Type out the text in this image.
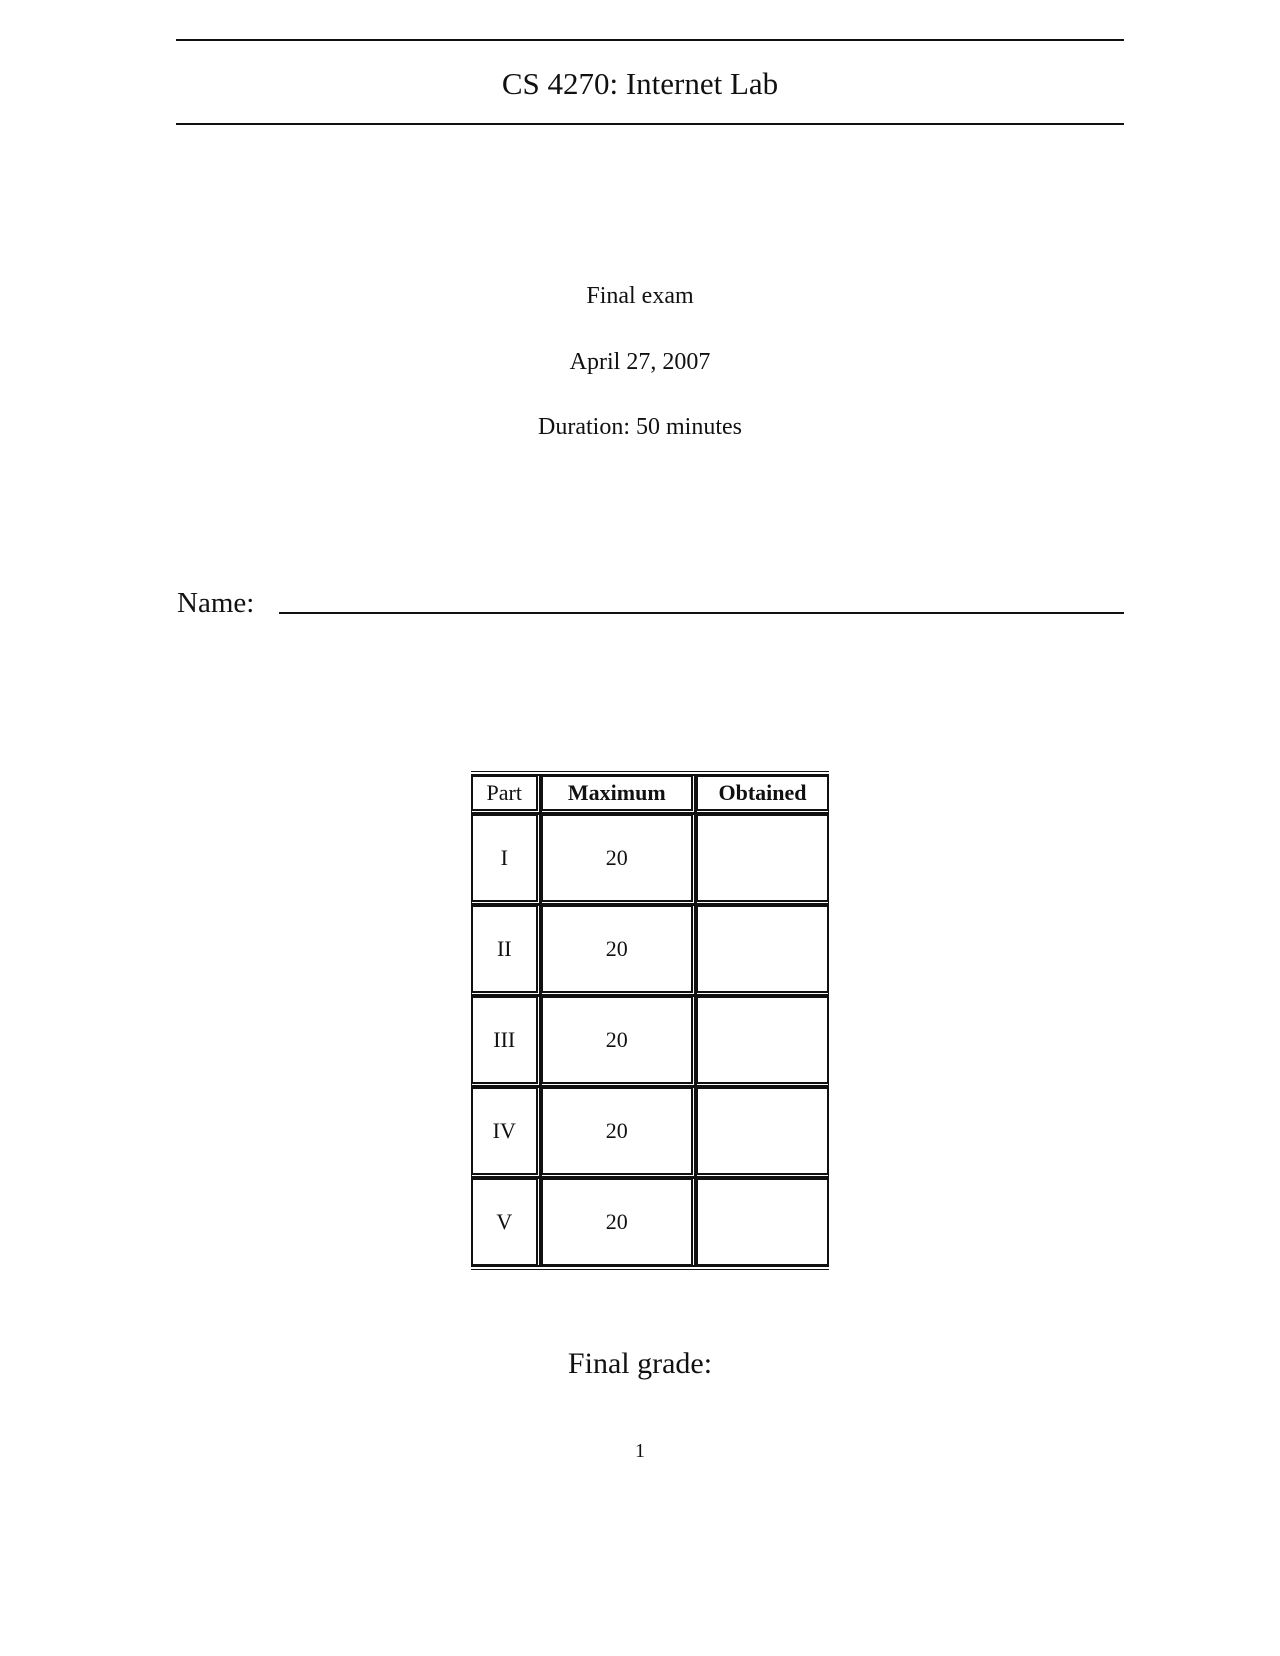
CS 4270: Internet Lab
Final exam
April 27, 2007
Duration: 50 minutes
Name:
Part	Maximum	Obtained
I	20	
II	20	
III	20	
IV	20	
V	20	
Final grade:
1
